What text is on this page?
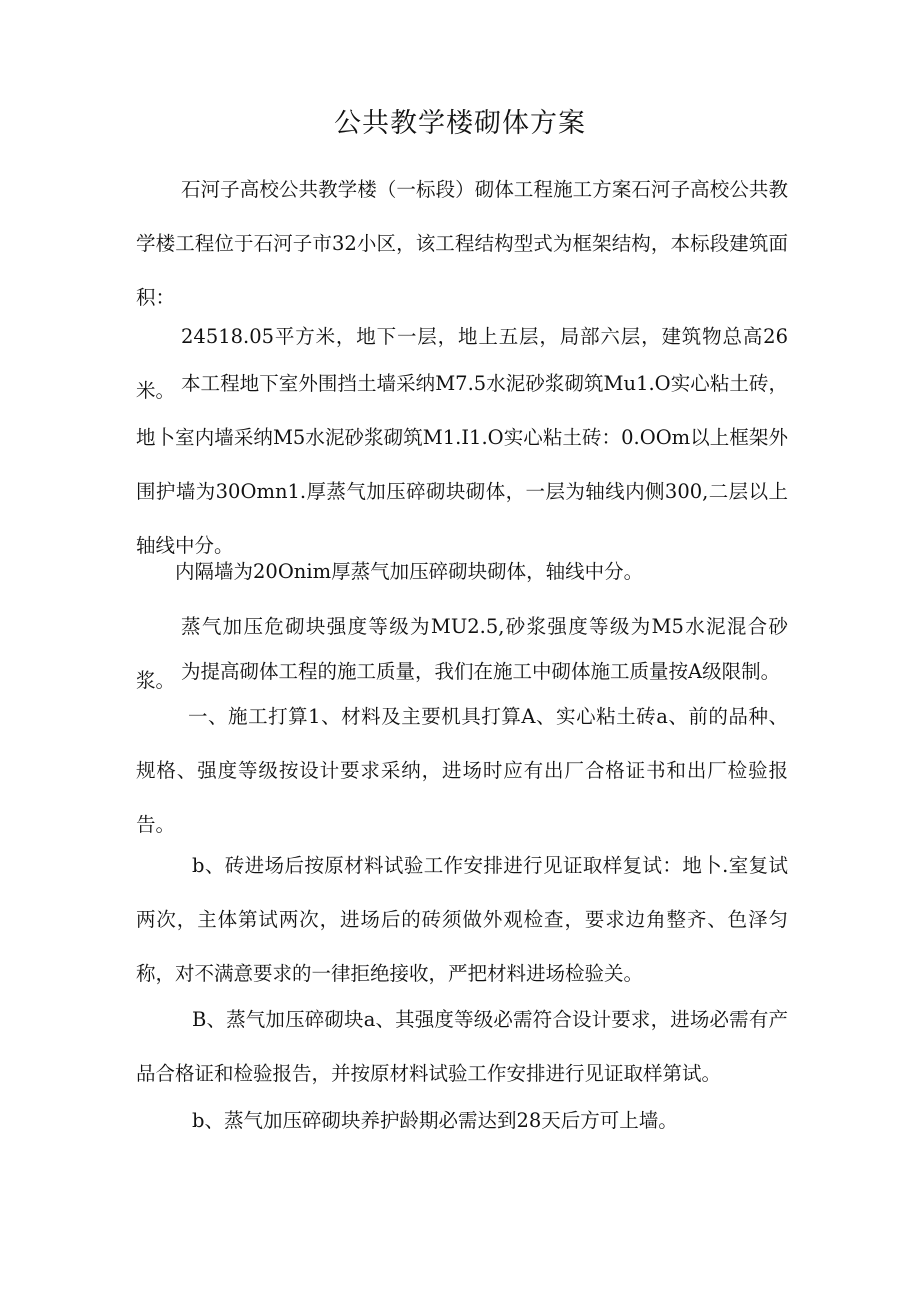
公共教学楼砌体方案

石河子高校公共教学楼（一标段）砌体工程施工方案石河子高校公共教学楼工程位于石河子市32小区，该工程结构型式为框架结构，本标段建筑面积：

24518.05平方米，地下一层，地上五层，局部六层，建筑物总高26米。 本工程地下室外围挡土墙采纳M7.5水泥砂浆砌筑Mu1.O实心粘土砖，地卜室内墙采纳M5水泥砂浆砌筑M1.I1.O实心粘土砖：0.OOm以上框架外围护墙为30Omn1.厚蒸气加压碎砌块砌体，一层为轴线内侧300,二层以上轴线中分。

内隔墙为20Onim厚蒸气加压碎砌块砌体，轴线中分。

蒸气加压危砌块强度等级为MU2.5,砂浆强度等级为M5水泥混合砂浆。 为提高砌体工程的施工质量，我们在施工中砌体施工质量按A级限制。

一、施工打算1、材料及主要机具打算A、实心粘土砖a、前的品种、规格、强度等级按设计要求采纳，进场时应有出厂合格证书和出厂检验报告。

b、砖进场后按原材料试验工作安排进行见证取样复试：地卜.室复试两次，主体第试两次，进场后的砖须做外观检查，要求边角整齐、色泽匀称，对不满意要求的一律拒绝接收，严把材料进场检验关。

B、蒸气加压碎砌块a、其强度等级必需符合设计要求，进场必需有产品合格证和检验报告，并按原材料试验工作安排进行见证取样第试。

b、蒸气加压碎砌块养护龄期必需达到28天后方可上墙。
